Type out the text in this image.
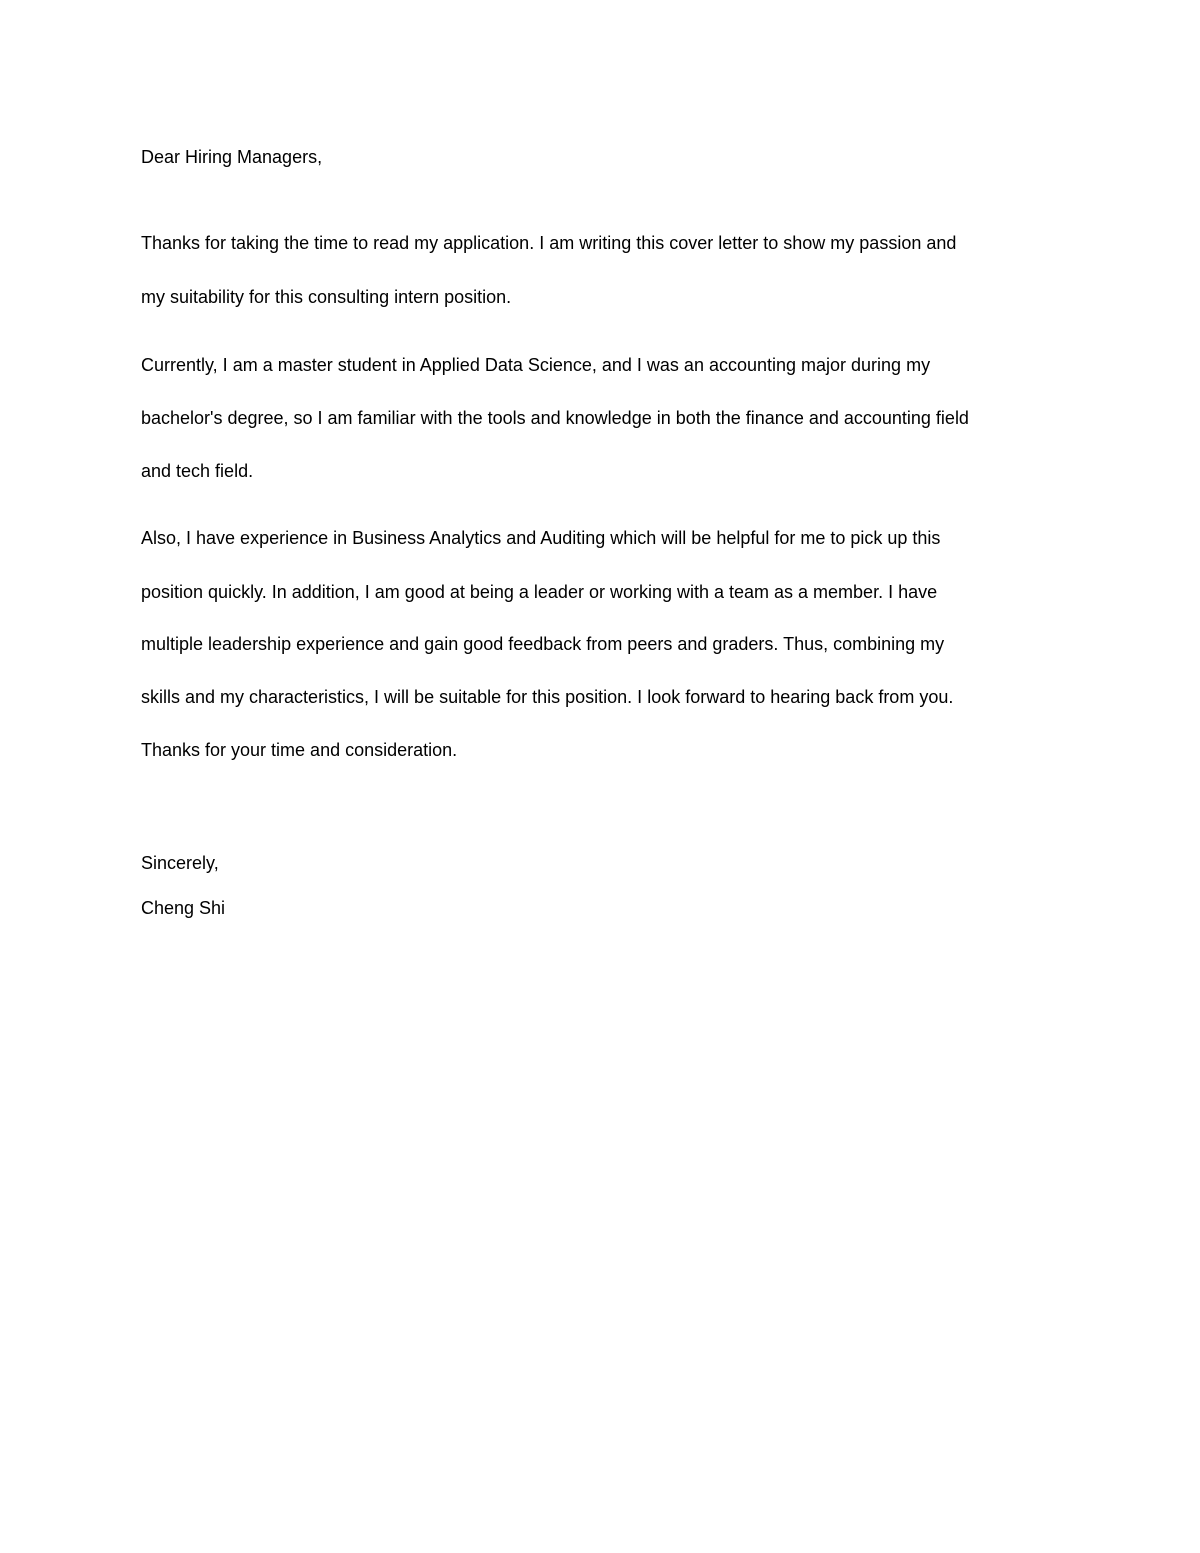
Dear Hiring Managers,
Thanks for taking the time to read my application. I am writing this cover letter to show my passion and
my suitability for this consulting intern position.
Currently, I am a master student in Applied Data Science, and I was an accounting major during my
bachelor's degree, so I am familiar with the tools and knowledge in both the finance and accounting field
and tech field.
Also, I have experience in Business Analytics and Auditing which will be helpful for me to pick up this
position quickly. In addition, I am good at being a leader or working with a team as a member. I have
multiple leadership experience and gain good feedback from peers and graders. Thus, combining my
skills and my characteristics, I will be suitable for this position. I look forward to hearing back from you.
Thanks for your time and consideration.
Sincerely,
Cheng Shi
